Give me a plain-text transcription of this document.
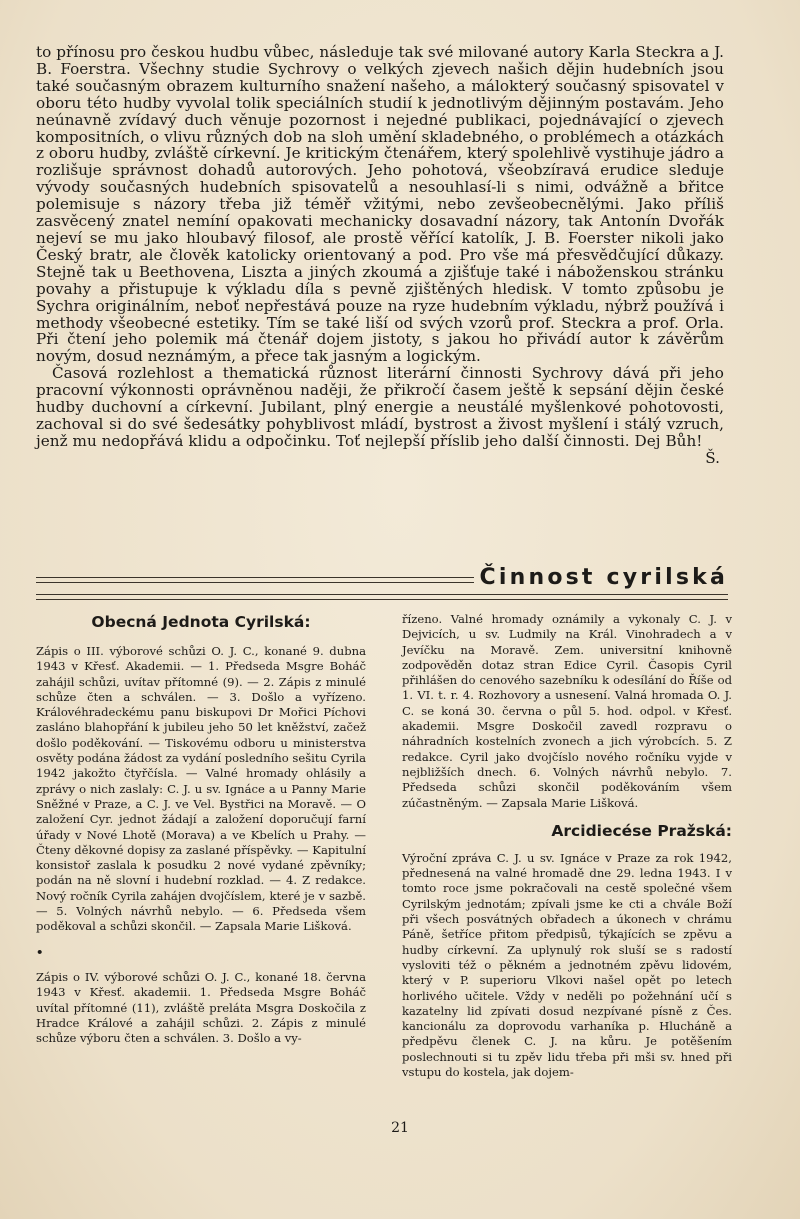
to přínosu pro českou hudbu vůbec, následuje tak své milované autory Karla Steckra a J. B. Foerstra. Všechny studie Sychrovy o velkých zjevech našich dějin hudebních jsou také současným obrazem kulturního snažení našeho, a málokterý současný spisovatel v oboru této hudby vyvolal tolik speciálních studií k jednotlivým dějinným postavám. Jeho neúnavně zvídavý duch věnuje pozornost i nejedné publikaci, pojednávající o zjevech kompositních, o vlivu různých dob na sloh umění skladebného, o problémech a otázkách z oboru hudby, zvláště církevní. Je kritickým čtenářem, který spolehlivě vystihuje jádro a rozlišuje správnost dohadů autorových. Jeho pohotová, všeobzíravá erudice sleduje vývody současných hudebních spisovatelů a nesouhlasí-li s nimi, odvážně a břitce polemisuje s názory třeba již téměř vžitými, nebo zevšeobecnělými. Jako příliš zasvěcený znatel nemíní opakovati mechanicky dosavadní názory, tak Antonín Dvořák nejeví se mu jako hloubavý filosof, ale prostě věřící katolík, J. B. Foerster nikoli jako Český bratr, ale člověk katolicky orientovaný a pod. Pro vše má přesvědčující důkazy. Stejně tak u Beethovena, Liszta a jiných zkoumá a zjišťuje také i náboženskou stránku povahy a přistupuje k výkladu díla s pevně zjištěných hledisk. V tomto způsobu je Sychra originálním, neboť nepřestává pouze na ryze hudebním výkladu, nýbrž používá i methody všeobecné estetiky. Tím se také liší od svých vzorů prof. Steckra a prof. Orla. Při čtení jeho polemik má čtenář dojem jistoty, s jakou ho přivádí autor k závěrům novým, dosud neznámým, a přece tak jasným a logickým.

Časová rozlehlost a thematická různost literární činnosti Sychrovy dává při jeho pracovní výkonnosti oprávněnou naději, že přikročí časem ještě k sepsání dějin české hudby duchovní a církevní. Jubilant, plný energie a neustálé myšlenkové pohotovosti, zachoval si do své šedesátky pohyblivost mládí, bystrost a živost myšlení i stálý vzruch, jenž mu nedopřává klidu a odpočinku. Toť nejlepší příslib jeho další činnosti. Dej Bůh!

Š.
Činnost cyrilská
Obecná Jednota Cyrilská:

Zápis o III. výborové schůzi O. J. C., konané 9. dubna 1943 v Křesť. Akademii. — 1. Předseda Msgre Boháč zahájil schůzi, uvítav přítomné (9). — 2. Zápis z minulé schůze čten a schválen. — 3. Došlo a vyřízeno. Královéhradeckému panu biskupovi Dr Mořici Píchovi zasláno blahopřání k jubileu jeho 50 let kněžství, začež došlo poděkování. — Tiskovému odboru u ministerstva osvěty podána žádost za vydání posledního sešitu Cyrila 1942 jakožto čtyřčísla. — Valné hromady ohlásily a zprávy o nich zaslaly: C. J. u sv. Ignáce a u Panny Marie Sněžné v Praze, a C. J. ve Vel. Bystřici na Moravě. — O založení Cyr. jednot žádají a založení doporučují farní úřady v Nové Lhotě (Morava) a ve Kbelích u Prahy. — Čteny děkovné dopisy za zaslané příspěvky. — Kapitulní konsistoř zaslala k posudku 2 nové vydané zpěvníky; podán na ně slovní i hudební rozklad. — 4. Z redakce. Nový ročník Cyrila zahájen dvojčíslem, které je v sazbě. — 5. Volných návrhů nebylo. — 6. Předseda všem poděkoval a schůzi skončil. — Zapsala Marie Lišková.

•

Zápis o IV. výborové schůzi O. J. C., konané 18. června 1943 v Křesť. akademii. 1. Předseda Msgre Boháč uvítal přítomné (11), zvláště preláta Msgra Doskočila z Hradce Králové a zahájil schůzi. 2. Zápis z minulé schůze výboru čten a schválen. 3. Došlo a vy-

řízeno. Valné hromady oznámily a vykonaly C. J. v Dejvicích, u sv. Ludmily na Král. Vinohradech a v Jevíčku na Moravě. Zem. universitní knihovně zodpověděn dotaz stran Edice Cyril. Časopis Cyril přihlášen do cenového sazebníku k odesílání do Říše od 1. VI. t. r. 4. Rozhovory a usnesení. Valná hromada O. J. C. se koná 30. června o půl 5. hod. odpol. v Křesť. akademii. Msgre Doskočil zavedl rozpravu o náhradních kostelních zvonech a jich výrobcích. 5. Z redakce. Cyril jako dvojčíslo nového ročníku vyjde v nejbližších dnech. 6. Volných návrhů nebylo. 7. Předseda schůzi skončil poděkováním všem zúčastněným. — Zapsala Marie Lišková.

Arcidiecése Pražská:

Výroční zpráva C. J. u sv. Ignáce v Praze za rok 1942, přednesená na valné hromadě dne 29. ledna 1943. I v tomto roce jsme pokračovali na cestě společné všem Cyrilským jednotám; zpívali jsme ke cti a chvále Boží při všech posvátných obřadech a úkonech v chrámu Páně, šetříce přitom předpisů, týkajících se zpěvu a hudby církevní. Za uplynulý rok sluší se s radostí vysloviti též o pěkném a jednotném zpěvu lidovém, který v P. superioru Vlkovi našel opět po letech horlivého učitele. Vždy v neděli po požehnání učí s kazatelny lid zpívati dosud nezpívané písně z Čes. kancionálu za doprovodu varhaníka p. Hlucháně a předpěvu členek C. J. na kůru. Je potěšením poslechnouti si tu zpěv lidu třeba při mši sv. hned při vstupu do kostela, jak dojem-

21
